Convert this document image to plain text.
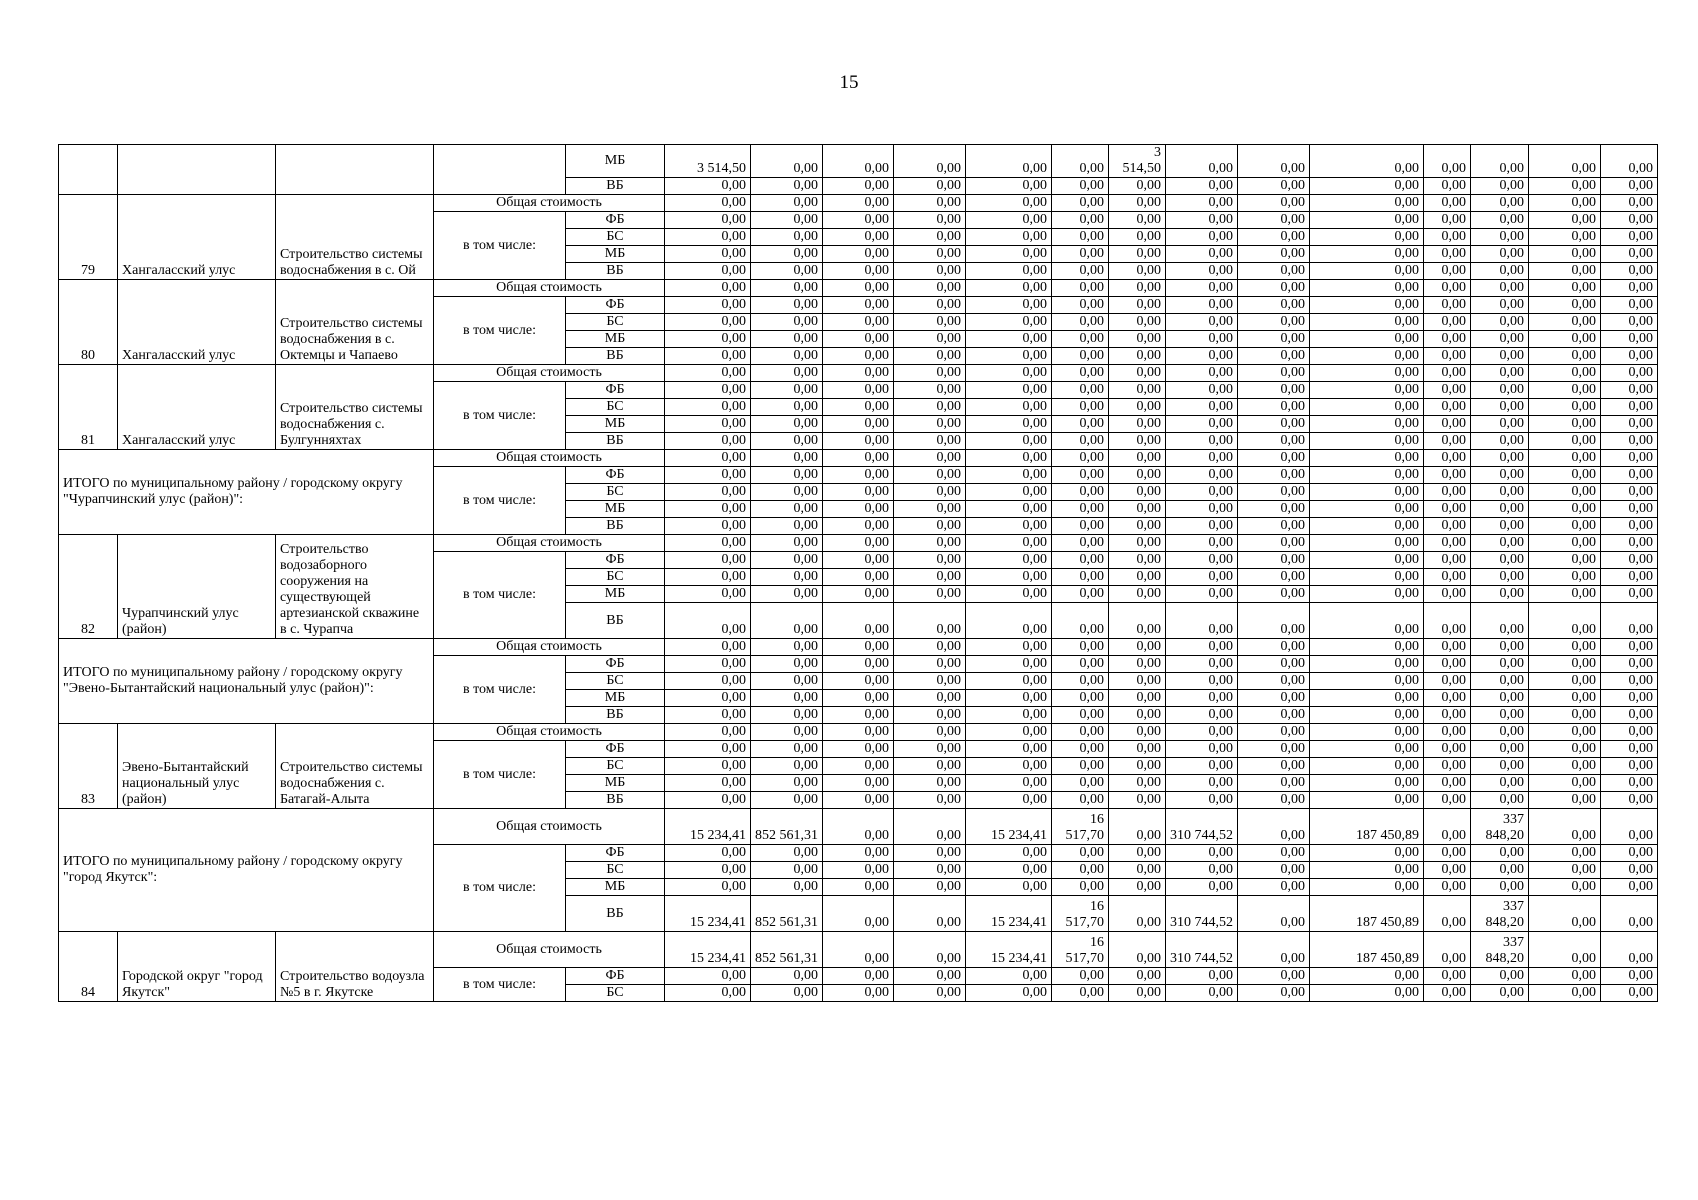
15
				МБ	3 514,50	0,00	0,00	0,00	0,00	0,00	3 514,50	0,00	0,00	0,00	0,00	0,00	0,00	0,00
				ВБ	0,00	0,00	0,00	0,00	0,00	0,00	0,00	0,00	0,00	0,00	0,00	0,00	0,00	0,00
79	Хангаласский улус	Строительство системы водоснабжения в с. Ой	Общая стоимость		0,00	0,00	0,00	0,00	0,00	0,00	0,00	0,00	0,00	0,00	0,00	0,00	0,00	0,00
			в том числе:	ФБ	0,00	0,00	0,00	0,00	0,00	0,00	0,00	0,00	0,00	0,00	0,00	0,00	0,00	0,00
				БС	0,00	0,00	0,00	0,00	0,00	0,00	0,00	0,00	0,00	0,00	0,00	0,00	0,00	0,00
				МБ	0,00	0,00	0,00	0,00	0,00	0,00	0,00	0,00	0,00	0,00	0,00	0,00	0,00	0,00
				ВБ	0,00	0,00	0,00	0,00	0,00	0,00	0,00	0,00	0,00	0,00	0,00	0,00	0,00	0,00
80	Хангаласский улус	Строительство системы водоснабжения в с. Октемцы и Чапаево	Общая стоимость		0,00	0,00	0,00	0,00	0,00	0,00	0,00	0,00	0,00	0,00	0,00	0,00	0,00	0,00
			в том числе:	ФБ	0,00	0,00	0,00	0,00	0,00	0,00	0,00	0,00	0,00	0,00	0,00	0,00	0,00	0,00
				БС	0,00	0,00	0,00	0,00	0,00	0,00	0,00	0,00	0,00	0,00	0,00	0,00	0,00	0,00
				МБ	0,00	0,00	0,00	0,00	0,00	0,00	0,00	0,00	0,00	0,00	0,00	0,00	0,00	0,00
				ВБ	0,00	0,00	0,00	0,00	0,00	0,00	0,00	0,00	0,00	0,00	0,00	0,00	0,00	0,00
81	Хангаласский улус	Строительство системы водоснабжения с. Булгунняхтах	Общая стоимость		0,00	0,00	0,00	0,00	0,00	0,00	0,00	0,00	0,00	0,00	0,00	0,00	0,00	0,00
			в том числе:	ФБ	0,00	0,00	0,00	0,00	0,00	0,00	0,00	0,00	0,00	0,00	0,00	0,00	0,00	0,00
				БС	0,00	0,00	0,00	0,00	0,00	0,00	0,00	0,00	0,00	0,00	0,00	0,00	0,00	0,00
				МБ	0,00	0,00	0,00	0,00	0,00	0,00	0,00	0,00	0,00	0,00	0,00	0,00	0,00	0,00
				ВБ	0,00	0,00	0,00	0,00	0,00	0,00	0,00	0,00	0,00	0,00	0,00	0,00	0,00	0,00
ИТОГО по муниципальному району / городскому округу "Чурапчинский улус (район)":			Общая стоимость		0,00	0,00	0,00	0,00	0,00	0,00	0,00	0,00	0,00	0,00	0,00	0,00	0,00	0,00
			в том числе:	ФБ	0,00	0,00	0,00	0,00	0,00	0,00	0,00	0,00	0,00	0,00	0,00	0,00	0,00	0,00
				БС	0,00	0,00	0,00	0,00	0,00	0,00	0,00	0,00	0,00	0,00	0,00	0,00	0,00	0,00
				МБ	0,00	0,00	0,00	0,00	0,00	0,00	0,00	0,00	0,00	0,00	0,00	0,00	0,00	0,00
				ВБ	0,00	0,00	0,00	0,00	0,00	0,00	0,00	0,00	0,00	0,00	0,00	0,00	0,00	0,00
82	Чурапчинский улус (район)	Строительство водозаборного сооружения на существующей артезианской скважине в с. Чурапча	Общая стоимость		0,00	0,00	0,00	0,00	0,00	0,00	0,00	0,00	0,00	0,00	0,00	0,00	0,00	0,00
			в том числе:	ФБ	0,00	0,00	0,00	0,00	0,00	0,00	0,00	0,00	0,00	0,00	0,00	0,00	0,00	0,00
				БС	0,00	0,00	0,00	0,00	0,00	0,00	0,00	0,00	0,00	0,00	0,00	0,00	0,00	0,00
				МБ	0,00	0,00	0,00	0,00	0,00	0,00	0,00	0,00	0,00	0,00	0,00	0,00	0,00	0,00
				ВБ	0,00	0,00	0,00	0,00	0,00	0,00	0,00	0,00	0,00	0,00	0,00	0,00	0,00	0,00
ИТОГО по муниципальному району / городскому округу "Эвено-Бытантайский национальный улус (район)":			Общая стоимость		0,00	0,00	0,00	0,00	0,00	0,00	0,00	0,00	0,00	0,00	0,00	0,00	0,00	0,00
			в том числе:	ФБ	0,00	0,00	0,00	0,00	0,00	0,00	0,00	0,00	0,00	0,00	0,00	0,00	0,00	0,00
				БС	0,00	0,00	0,00	0,00	0,00	0,00	0,00	0,00	0,00	0,00	0,00	0,00	0,00	0,00
				МБ	0,00	0,00	0,00	0,00	0,00	0,00	0,00	0,00	0,00	0,00	0,00	0,00	0,00	0,00
				ВБ	0,00	0,00	0,00	0,00	0,00	0,00	0,00	0,00	0,00	0,00	0,00	0,00	0,00	0,00
83	Эвено-Бытантайский национальный улус (район)	Строительство системы водоснабжения с. Батагай-Алыта	Общая стоимость		0,00	0,00	0,00	0,00	0,00	0,00	0,00	0,00	0,00	0,00	0,00	0,00	0,00	0,00
			в том числе:	ФБ	0,00	0,00	0,00	0,00	0,00	0,00	0,00	0,00	0,00	0,00	0,00	0,00	0,00	0,00
				БС	0,00	0,00	0,00	0,00	0,00	0,00	0,00	0,00	0,00	0,00	0,00	0,00	0,00	0,00
				МБ	0,00	0,00	0,00	0,00	0,00	0,00	0,00	0,00	0,00	0,00	0,00	0,00	0,00	0,00
				ВБ	0,00	0,00	0,00	0,00	0,00	0,00	0,00	0,00	0,00	0,00	0,00	0,00	0,00	0,00
ИТОГО по муниципальному району / городскому округу "город Якутск":			Общая стоимость		15 234,41	852 561,31	0,00	0,00	15 234,41	16 517,70	0,00	310 744,52	0,00	187 450,89	0,00	337 848,20	0,00	0,00
			в том числе:	ФБ	0,00	0,00	0,00	0,00	0,00	0,00	0,00	0,00	0,00	0,00	0,00	0,00	0,00	0,00
				БС	0,00	0,00	0,00	0,00	0,00	0,00	0,00	0,00	0,00	0,00	0,00	0,00	0,00	0,00
				МБ	0,00	0,00	0,00	0,00	0,00	0,00	0,00	0,00	0,00	0,00	0,00	0,00	0,00	0,00
				ВБ	15 234,41	852 561,31	0,00	0,00	15 234,41	16 517,70	0,00	310 744,52	0,00	187 450,89	0,00	337 848,20	0,00	0,00
84	Городской округ "город Якутск"	Строительство водоузла №5 в г. Якутске	Общая стоимость		15 234,41	852 561,31	0,00	0,00	15 234,41	16 517,70	0,00	310 744,52	0,00	187 450,89	0,00	337 848,20	0,00	0,00
			в том числе:	ФБ	0,00	0,00	0,00	0,00	0,00	0,00	0,00	0,00	0,00	0,00	0,00	0,00	0,00	0,00
				БС	0,00	0,00	0,00	0,00	0,00	0,00	0,00	0,00	0,00	0,00	0,00	0,00	0,00	0,00
